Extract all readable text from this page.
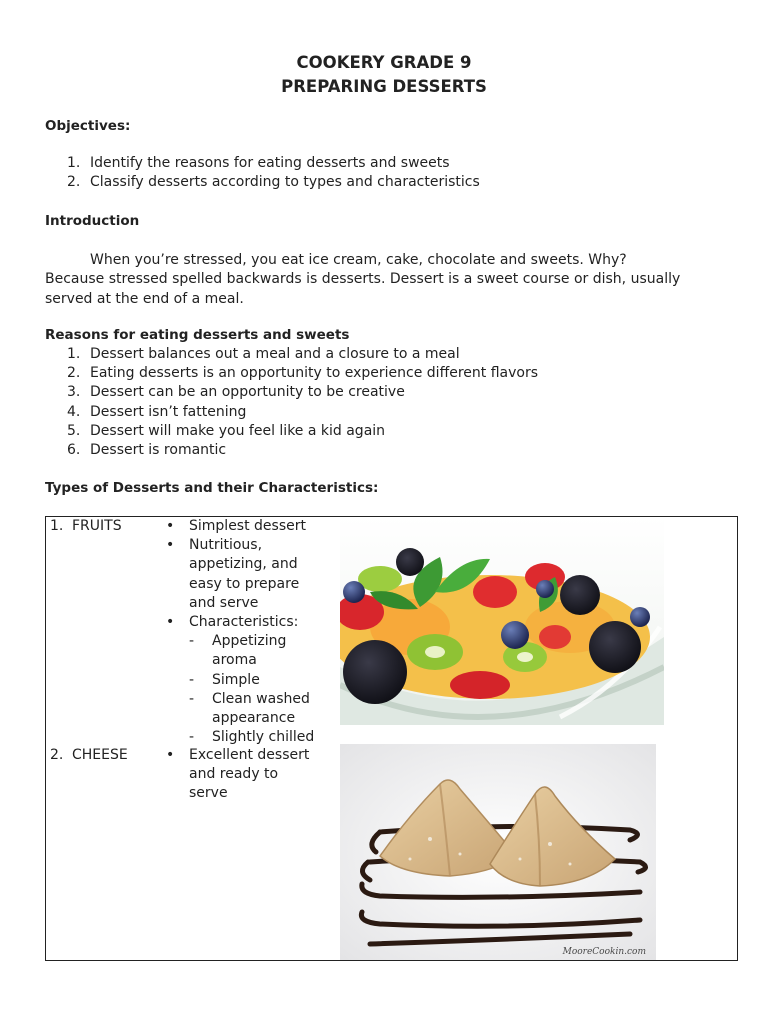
COOKERY GRADE 9
PREPARING DESSERTS
Objectives:
1. Identify the reasons for eating desserts and sweets
2. Classify desserts according to types and characteristics
Introduction

When you’re stressed, you eat ice cream, cake, chocolate and sweets. Why?
Because stressed spelled backwards is desserts. Dessert is a sweet course or dish, usually
served at the end of a meal.

Reasons for eating desserts and sweets
1. Dessert balances out a meal and a closure to a meal
2. Eating desserts is an opportunity to experience different flavors
3. Dessert can be an opportunity to be creative
4. Dessert isn’t fattening
5. Dessert will make you feel like a kid again
6. Dessert is romantic
Types of Desserts and their Characteristics:
1. FRUITS	• Simplest dessert
• Nutritious,
appetizing, and
easy to prepare
and serve
• Characteristics:
- Appetizing
aroma
- Simple
- Clean washed
appearance
- Slightly chilled
2. CHEESE	• Excellent dessert
and ready to
serve
MooreCookin.com
